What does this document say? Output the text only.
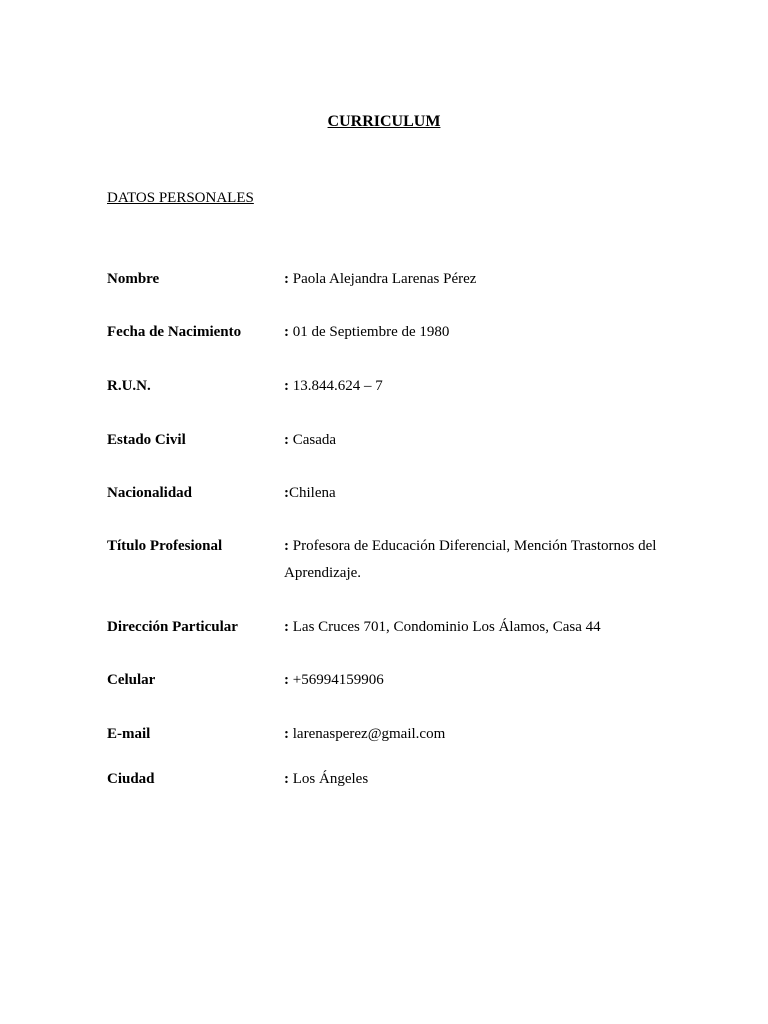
CURRICULUM
DATOS PERSONALES
Nombre	: Paola Alejandra Larenas Pérez
Fecha de Nacimiento	: 01 de Septiembre de 1980
R.U.N.	: 13.844.624 – 7
Estado Civil	: Casada
Nacionalidad	:Chilena
Título Profesional	: Profesora de Educación Diferencial, Mención Trastornos del Aprendizaje.
Dirección Particular	: Las Cruces 701, Condominio Los Álamos, Casa 44
Celular	: +56994159906
E-mail	: larenasperez@gmail.com
Ciudad	: Los Ángeles
